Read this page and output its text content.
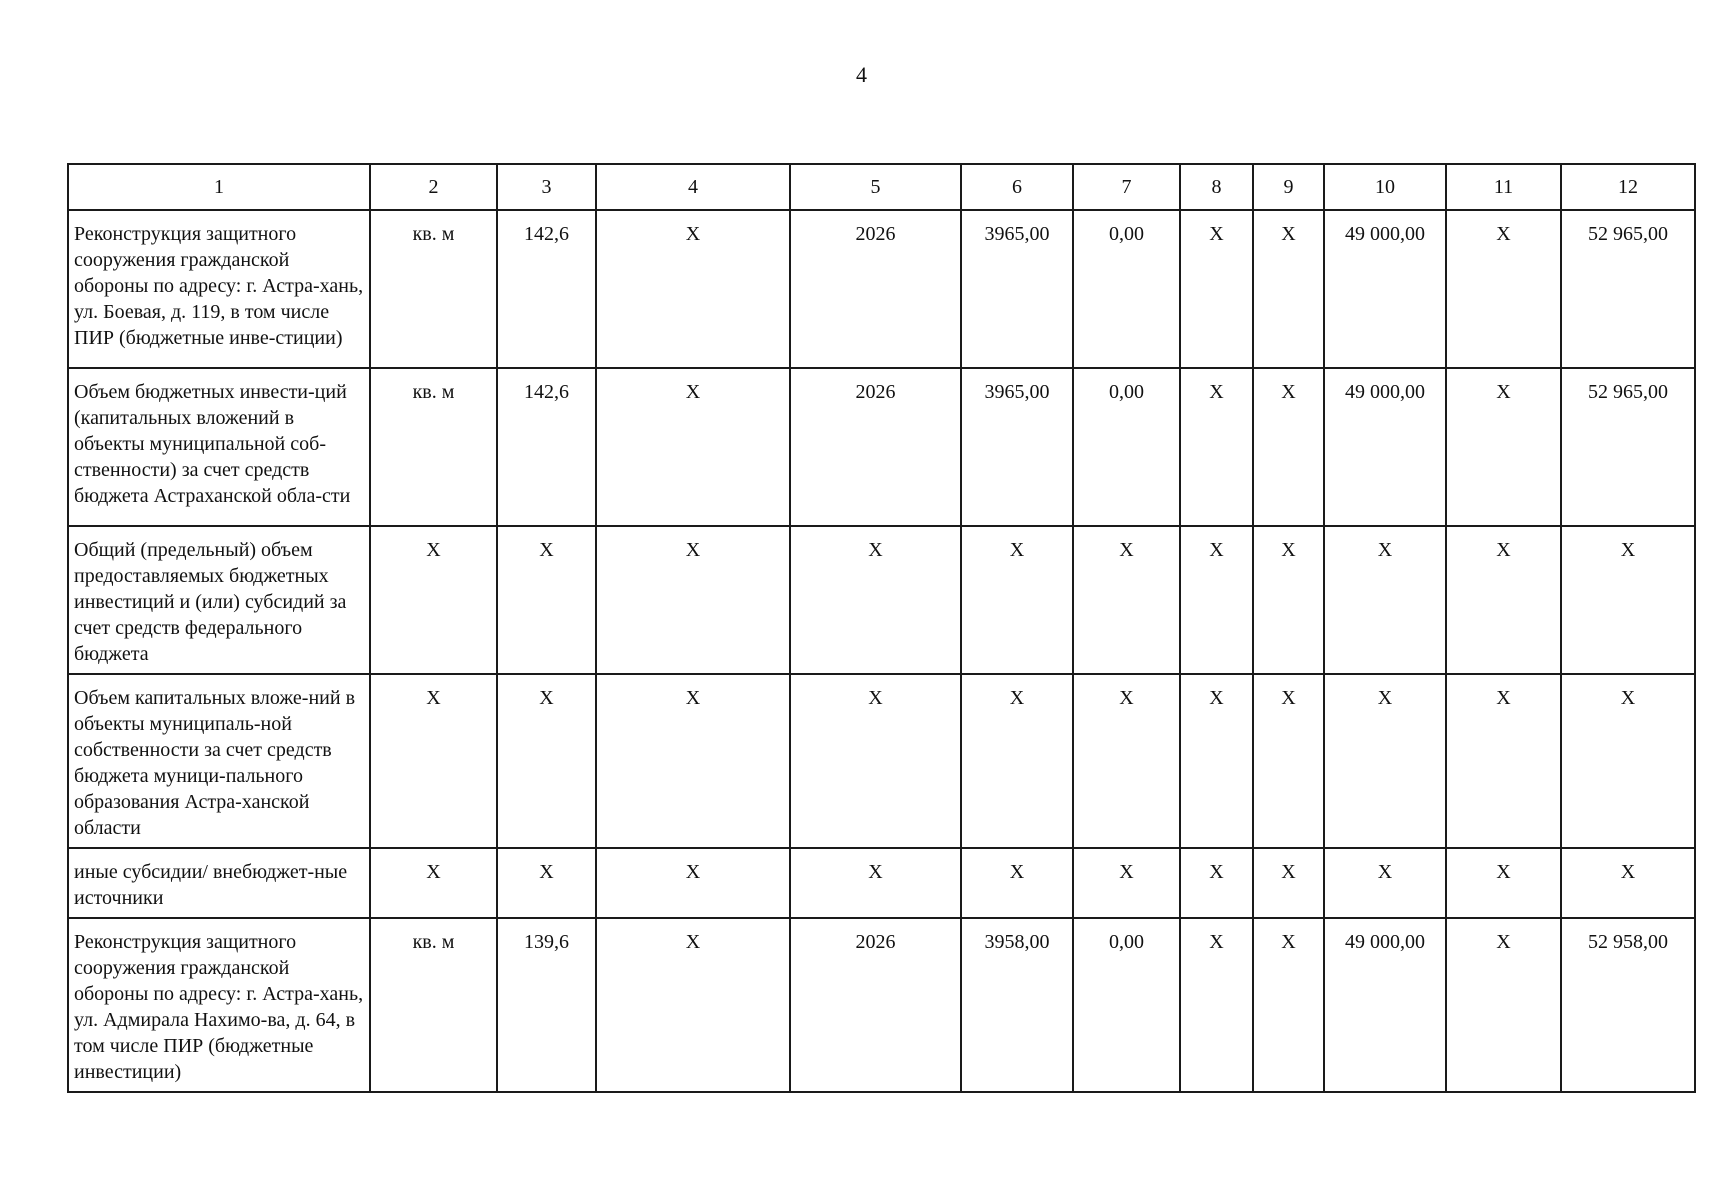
4
1	2	3	4	5	6	7	8	9	10	11	12
Реконструкция защитного сооружения гражданской обороны по адресу: г. Астра-хань, ул. Боевая, д. 119, в том числе ПИР (бюджетные инве-стиции)	кв. м	142,6	X	2026	3965,00	0,00	X	X	49 000,00	X	52 965,00
Объем бюджетных инвести-ций (капитальных вложений в объекты муниципальной соб-ственности) за счет средств бюджета Астраханской обла-сти	кв. м	142,6	X	2026	3965,00	0,00	X	X	49 000,00	X	52 965,00
Общий (предельный) объем предоставляемых бюджетных инвестиций и (или) субсидий за счет средств федерального бюджета	X	X	X	X	X	X	X	X	X	X	X
Объем капитальных вложе-ний в объекты муниципаль-ной собственности за счет средств бюджета муници-пального образования Астра-ханской области	X	X	X	X	X	X	X	X	X	X	X
иные субсидии/ внебюджет-ные источники	X	X	X	X	X	X	X	X	X	X	X
Реконструкция защитного сооружения гражданской обороны по адресу: г. Астра-хань, ул. Адмирала Нахимо-ва, д. 64, в том числе ПИР (бюджетные инвестиции)	кв. м	139,6	X	2026	3958,00	0,00	X	X	49 000,00	X	52 958,00
